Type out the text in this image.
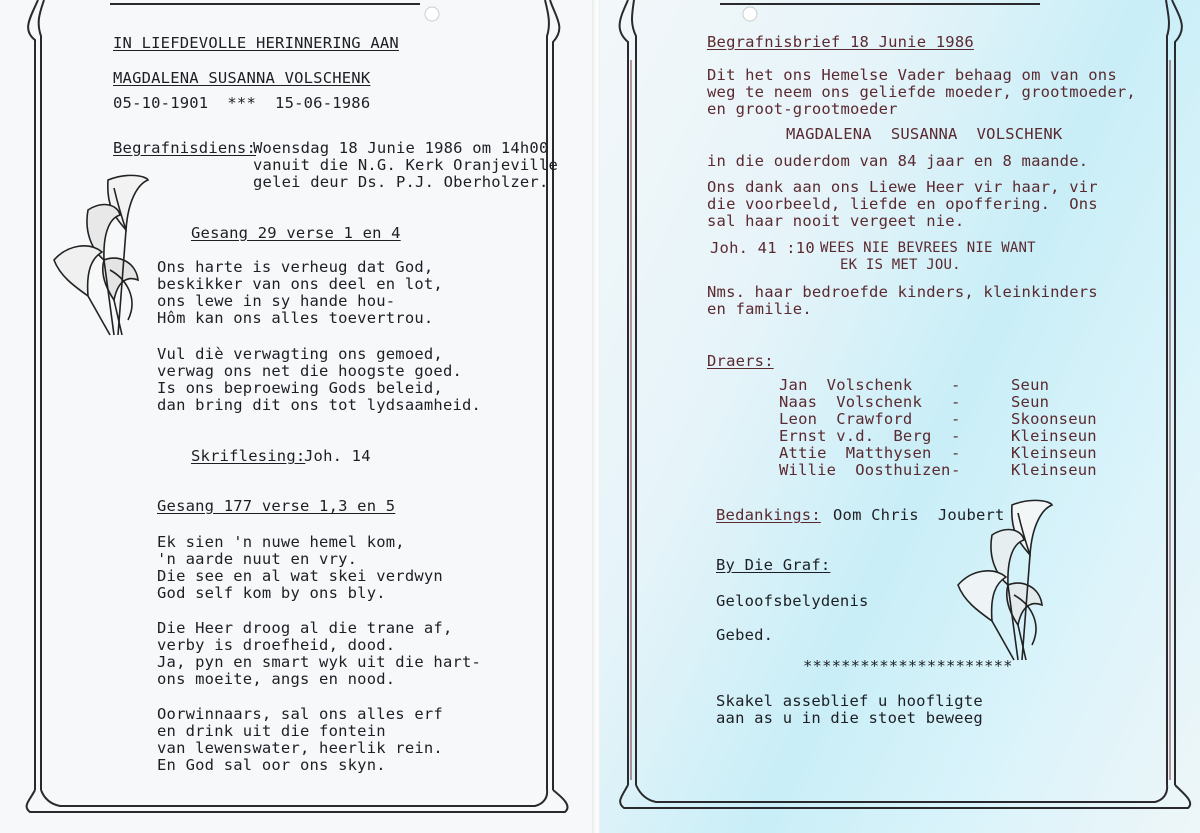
IN LIEFDEVOLLE HERINNERING AAN
MAGDALENA SUSANNA VOLSCHENK
05-10-1901  ***  15-06-1986
Begrafnisdiens:
Woensdag 18 Junie 1986 om 14h00
vanuit die N.G. Kerk Oranjeville
gelei deur Ds. P.J. Oberholzer.
Gesang 29 verse 1 en 4
Ons harte is verheug dat God,
beskikker van ons deel en lot,
ons lewe in sy hande hou-
Hôm kan ons alles toevertrou.
Vul diè verwagting ons gemoed,
verwag ons net die hoogste goed.
Is ons beproewing Gods beleid,
dan bring dit ons tot lydsaamheid.
Skriflesing:
Joh. 14
Gesang 177 verse 1,3 en 5
Ek sien 'n nuwe hemel kom,
'n aarde nuut en vry.
Die see en al wat skei verdwyn
God self kom by ons bly.
Die Heer droog al die trane af,
verby is droefheid, dood.
Ja, pyn en smart wyk uit die hart-
ons moeite, angs en nood.
Oorwinnaars, sal ons alles erf
en drink uit die fontein
van lewenswater, heerlik rein.
En God sal oor ons skyn.
Begrafnisbrief 18 Junie 1986
Dit het ons Hemelse Vader behaag om van ons
weg te neem ons geliefde moeder, grootmoeder,
en groot-grootmoeder
MAGDALENA  SUSANNA  VOLSCHENK
in die ouderdom van 84 jaar en 8 maande.
Ons dank aan ons Liewe Heer vir haar, vir
die voorbeeld, liefde en opoffering.  Ons
sal haar nooit vergeet nie.
Joh. 41 :10 WEES NIE BEVREES NIE WANT
EK IS MET JOU.
Nms. haar bedroefde kinders, kleinkinders
en familie.
Draers:
Jan  Volschenk -	Seun
Naas  Volschenk -	Seun
Leon  Crawford -	Skoonseun
Ernst v.d.  Berg -	Kleinseun
Attie  Matthysen -	Kleinseun
Willie  Oosthuizen -	Kleinseun
Bedankings: Oom Chris  Joubert
By Die Graf:
Geloofsbelydenis
Gebed.
**********************
Skakel asseblief u hoofligte
aan as u in die stoet beweeg
